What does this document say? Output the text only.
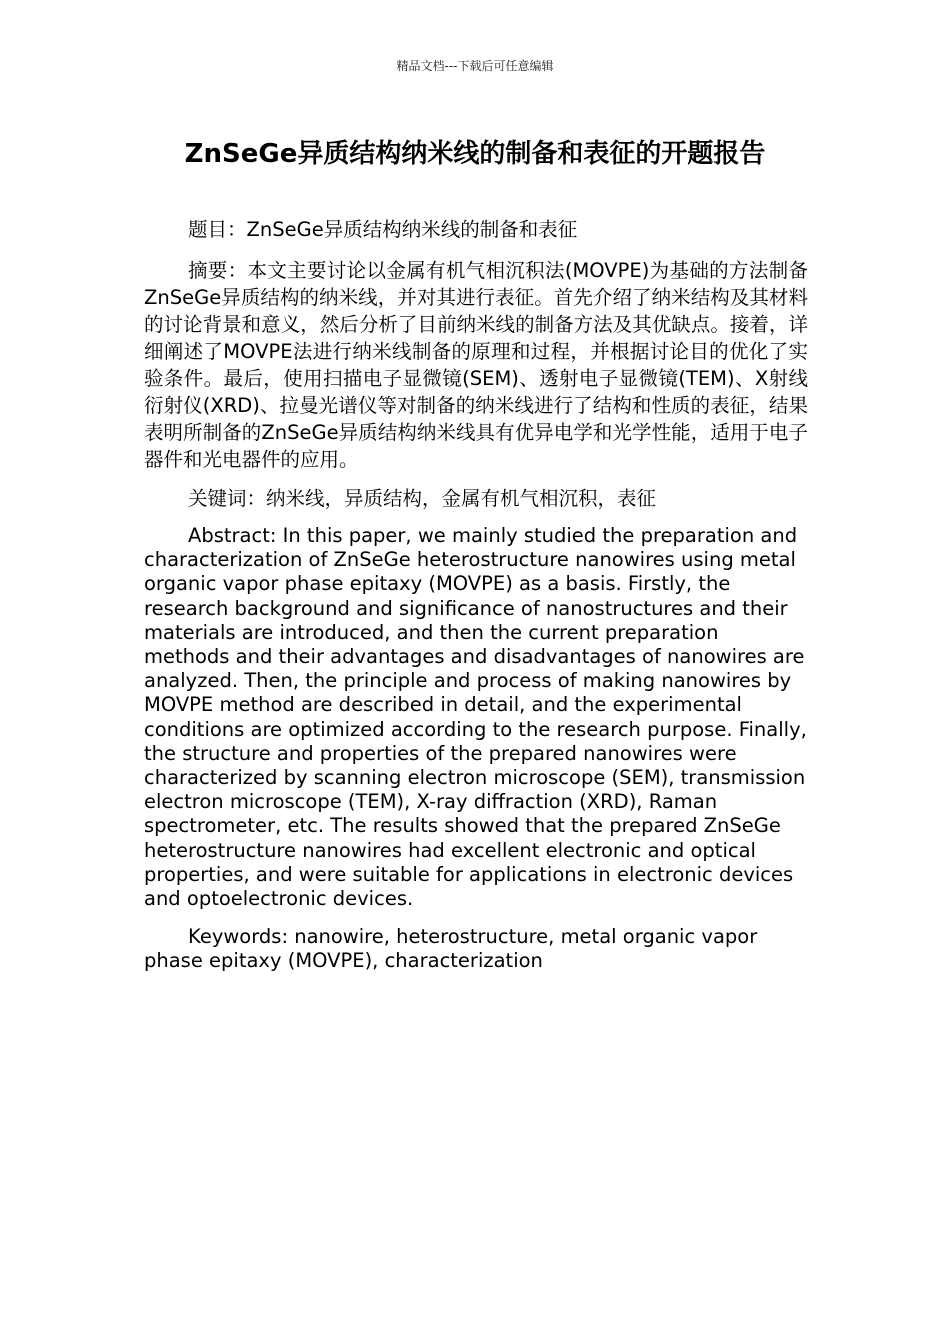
精品文档---下载后可任意编辑
ZnSeGe异质结构纳米线的制备和表征的开题报告

题目：ZnSeGe异质结构纳米线的制备和表征

摘要：本文主要讨论以金属有机气相沉积法(MOVPE)为基础的方法制备ZnSeGe异质结构的纳米线，并对其进行表征。首先介绍了纳米结构及其材料的讨论背景和意义，然后分析了目前纳米线的制备方法及其优缺点。接着，详细阐述了MOVPE法进行纳米线制备的原理和过程，并根据讨论目的优化了实验条件。最后，使用扫描电子显微镜(SEM)、透射电子显微镜(TEM)、X射线衍射仪(XRD)、拉曼光谱仪等对制备的纳米线进行了结构和性质的表征，结果表明所制备的ZnSeGe异质结构纳米线具有优异电学和光学性能，适用于电子器件和光电器件的应用。

关键词：纳米线，异质结构，金属有机气相沉积，表征

Abstract: In this paper, we mainly studied the preparation and characterization of ZnSeGe heterostructure nanowires using metal organic vapor phase epitaxy (MOVPE) as a basis. Firstly, the research background and significance of nanostructures and their materials are introduced, and then the current preparation methods and their advantages and disadvantages of nanowires are analyzed. Then, the principle and process of making nanowires by MOVPE method are described in detail, and the experimental conditions are optimized according to the research purpose. Finally, the structure and properties of the prepared nanowires were characterized by scanning electron microscope (SEM), transmission electron microscope (TEM), X-ray diffraction (XRD), Raman spectrometer, etc. The results showed that the prepared ZnSeGe heterostructure nanowires had excellent electronic and optical properties, and were suitable for applications in electronic devices and optoelectronic devices.

Keywords: nanowire, heterostructure, metal organic vapor phase epitaxy (MOVPE), characterization
